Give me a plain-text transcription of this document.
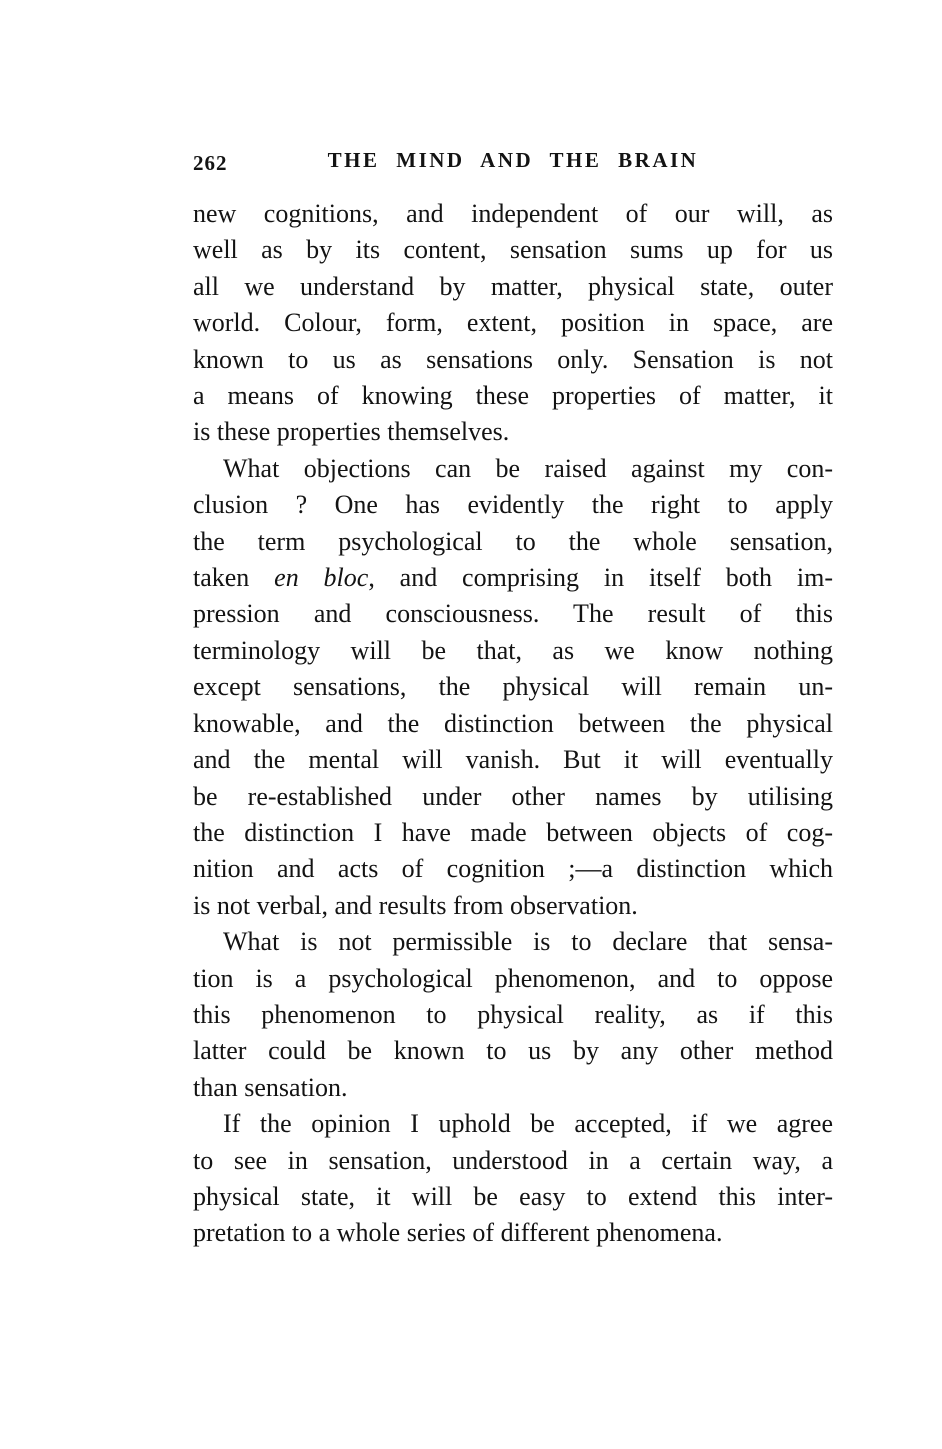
262	THE MIND AND THE BRAIN
new cognitions, and independent of our will, as
well as by its content, sensation sums up for us
all we understand by matter, physical state, outer
world. Colour, form, extent, position in space, are
known to us as sensations only. Sensation is not
a means of knowing these properties of matter, it
is these properties themselves.
What objections can be raised against my con-
clusion ? One has evidently the right to apply
the term psychological to the whole sensation,
taken en bloc, and comprising in itself both im-
pression and consciousness. The result of this
terminology will be that, as we know nothing
except sensations, the physical will remain un-
knowable, and the distinction between the physical
and the mental will vanish. But it will eventually
be re-established under other names by utilising
the distinction I have made between objects of cog-
nition and acts of cognition ;—a distinction which
is not verbal, and results from observation.
What is not permissible is to declare that sensa-
tion is a psychological phenomenon, and to oppose
this phenomenon to physical reality, as if this
latter could be known to us by any other method
than sensation.
If the opinion I uphold be accepted, if we agree
to see in sensation, understood in a certain way, a
physical state, it will be easy to extend this inter-
pretation to a whole series of different phenomena.
